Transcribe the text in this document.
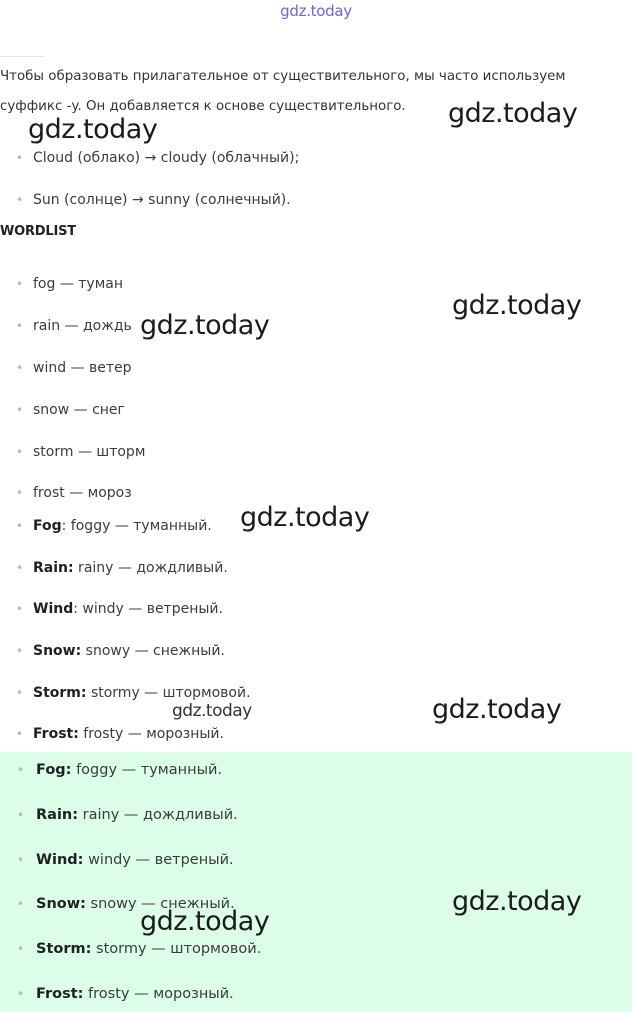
gdz.today

Чтобы образовать прилагательное от существительного, мы часто используем суффикс -y. Он добавляется к основе существительного.

• Cloud (облако) → cloudy (облачный);
• Sun (солнце) → sunny (солнечный).
WORDLIST
• fog — туман
• rain — дождь
• wind — ветер
• snow — снег
• storm — шторм
• frost — мороз
• Fog: foggy — туманный.
• Rain: rainy — дождливый.
• Wind: windy — ветреный.
• Snow: snowy — снежный.
• Storm: stormy — штормовой.
• Frost: frosty — морозный.
• Fog: foggy — туманный.
• Rain: rainy — дождливый.
• Wind: windy — ветреный.
• Snow: snowy — снежный.
• Storm: stormy — штормовой.
• Frost: frosty — морозный.
gdz.today
gdz.today
gdz.today
gdz.today
gdz.today
gdz.today	gdz.today
gdz.today
gdz.today
